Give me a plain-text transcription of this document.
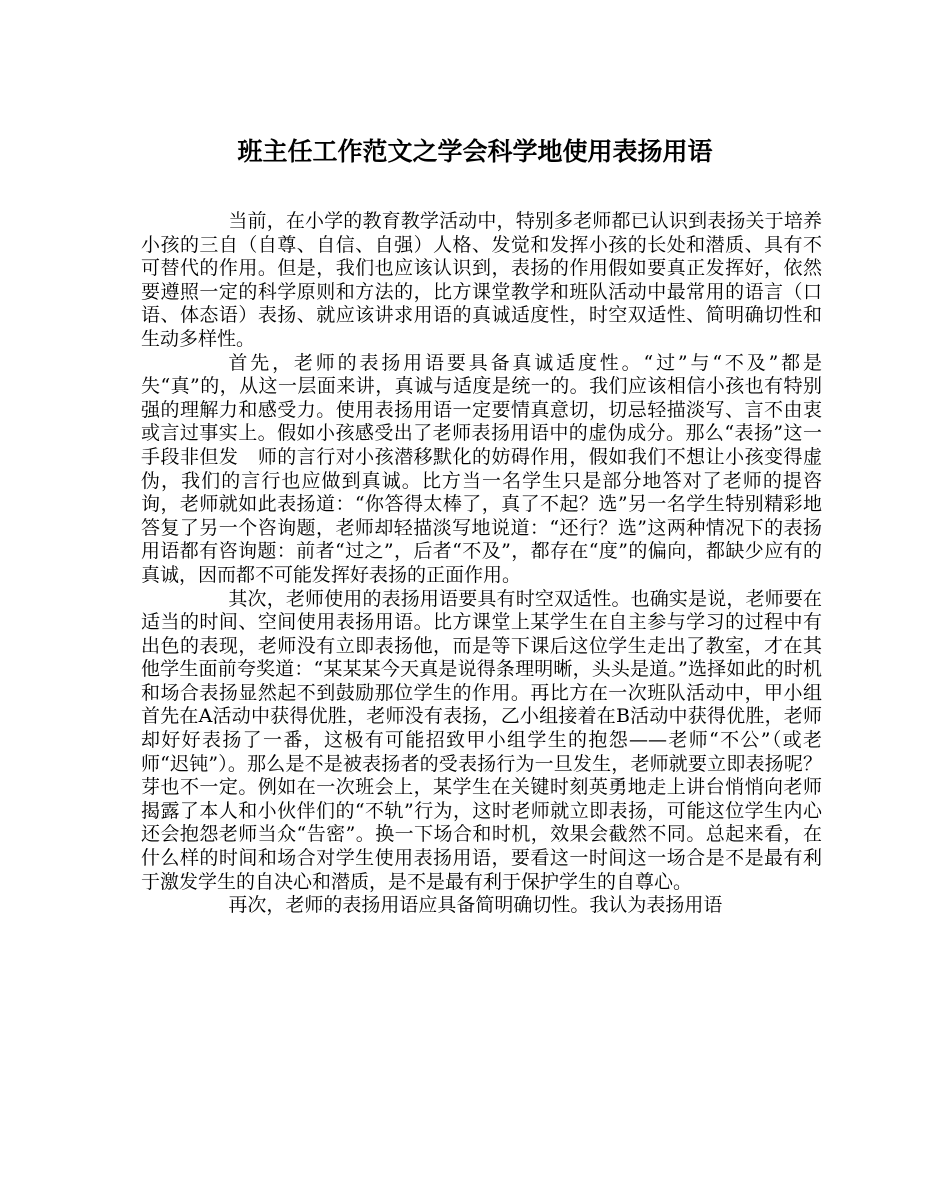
班主任工作范文之学会科学地使用表扬用语

当前，在小学的教育教学活动中，特别多老师都已认识到表扬关于培养小孩的三自（自尊、自信、自强）人格、发觉和发挥小孩的长处和潜质、具有不可替代的作用。但是，我们也应该认识到，表扬的作用假如要真正发挥好，依然要遵照一定的科学原则和方法的，比方课堂教学和班队活动中最常用的语言（口语、体态语）表扬、就应该讲求用语的真诚适度性，时空双适性、简明确切性和生动多样性。

首先，老师的表扬用语要具备真诚适度性。“过”与“不及”都是失“真”的，从这一层面来讲，真诚与适度是统一的。我们应该相信小孩也有特别强的理解力和感受力。使用表扬用语一定要情真意切，切忌轻描淡写、言不由衷或言过事实上。假如小孩感受出了老师表扬用语中的虚伪成分。那么“表扬”这一手段非但发　师的言行对小孩潜移默化的妨碍作用，假如我们不想让小孩变得虚伪，我们的言行也应做到真诚。比方当一名学生只是部分地答对了老师的提咨询，老师就如此表扬道：“你答得太棒了，真了不起？选”另一名学生特别精彩地答复了另一个咨询题，老师却轻描淡写地说道：“还行？选”这两种情况下的表扬用语都有咨询题：前者“过之”，后者“不及”，都存在“度”的偏向，都缺少应有的真诚，因而都不可能发挥好表扬的正面作用。

其次，老师使用的表扬用语要具有时空双适性。也确实是说，老师要在适当的时间、空间使用表扬用语。比方课堂上某学生在自主参与学习的过程中有出色的表现，老师没有立即表扬他，而是等下课后这位学生走出了教室，才在其他学生面前夸奖道：“某某某今天真是说得条理明晰，头头是道。”选择如此的时机和场合表扬显然起不到鼓励那位学生的作用。再比方在一次班队活动中，甲小组首先在A活动中获得优胜，老师没有表扬，乙小组接着在B活动中获得优胜，老师却好好表扬了一番，这极有可能招致甲小组学生的抱怨——老师“不公”（或老师“迟钝”）。那么是不是被表扬者的受表扬行为一旦发生，老师就要立即表扬呢？芽也不一定。例如在一次班会上，某学生在关键时刻英勇地走上讲台悄悄向老师揭露了本人和小伙伴们的“不轨”行为，这时老师就立即表扬，可能这位学生内心还会抱怨老师当众“告密”。换一下场合和时机，效果会截然不同。总起来看，在什么样的时间和场合对学生使用表扬用语，要看这一时间这一场合是不是最有利于激发学生的自决心和潜质，是不是最有利于保护学生的自尊心。

再次，老师的表扬用语应具备简明确切性。我认为表扬用语
